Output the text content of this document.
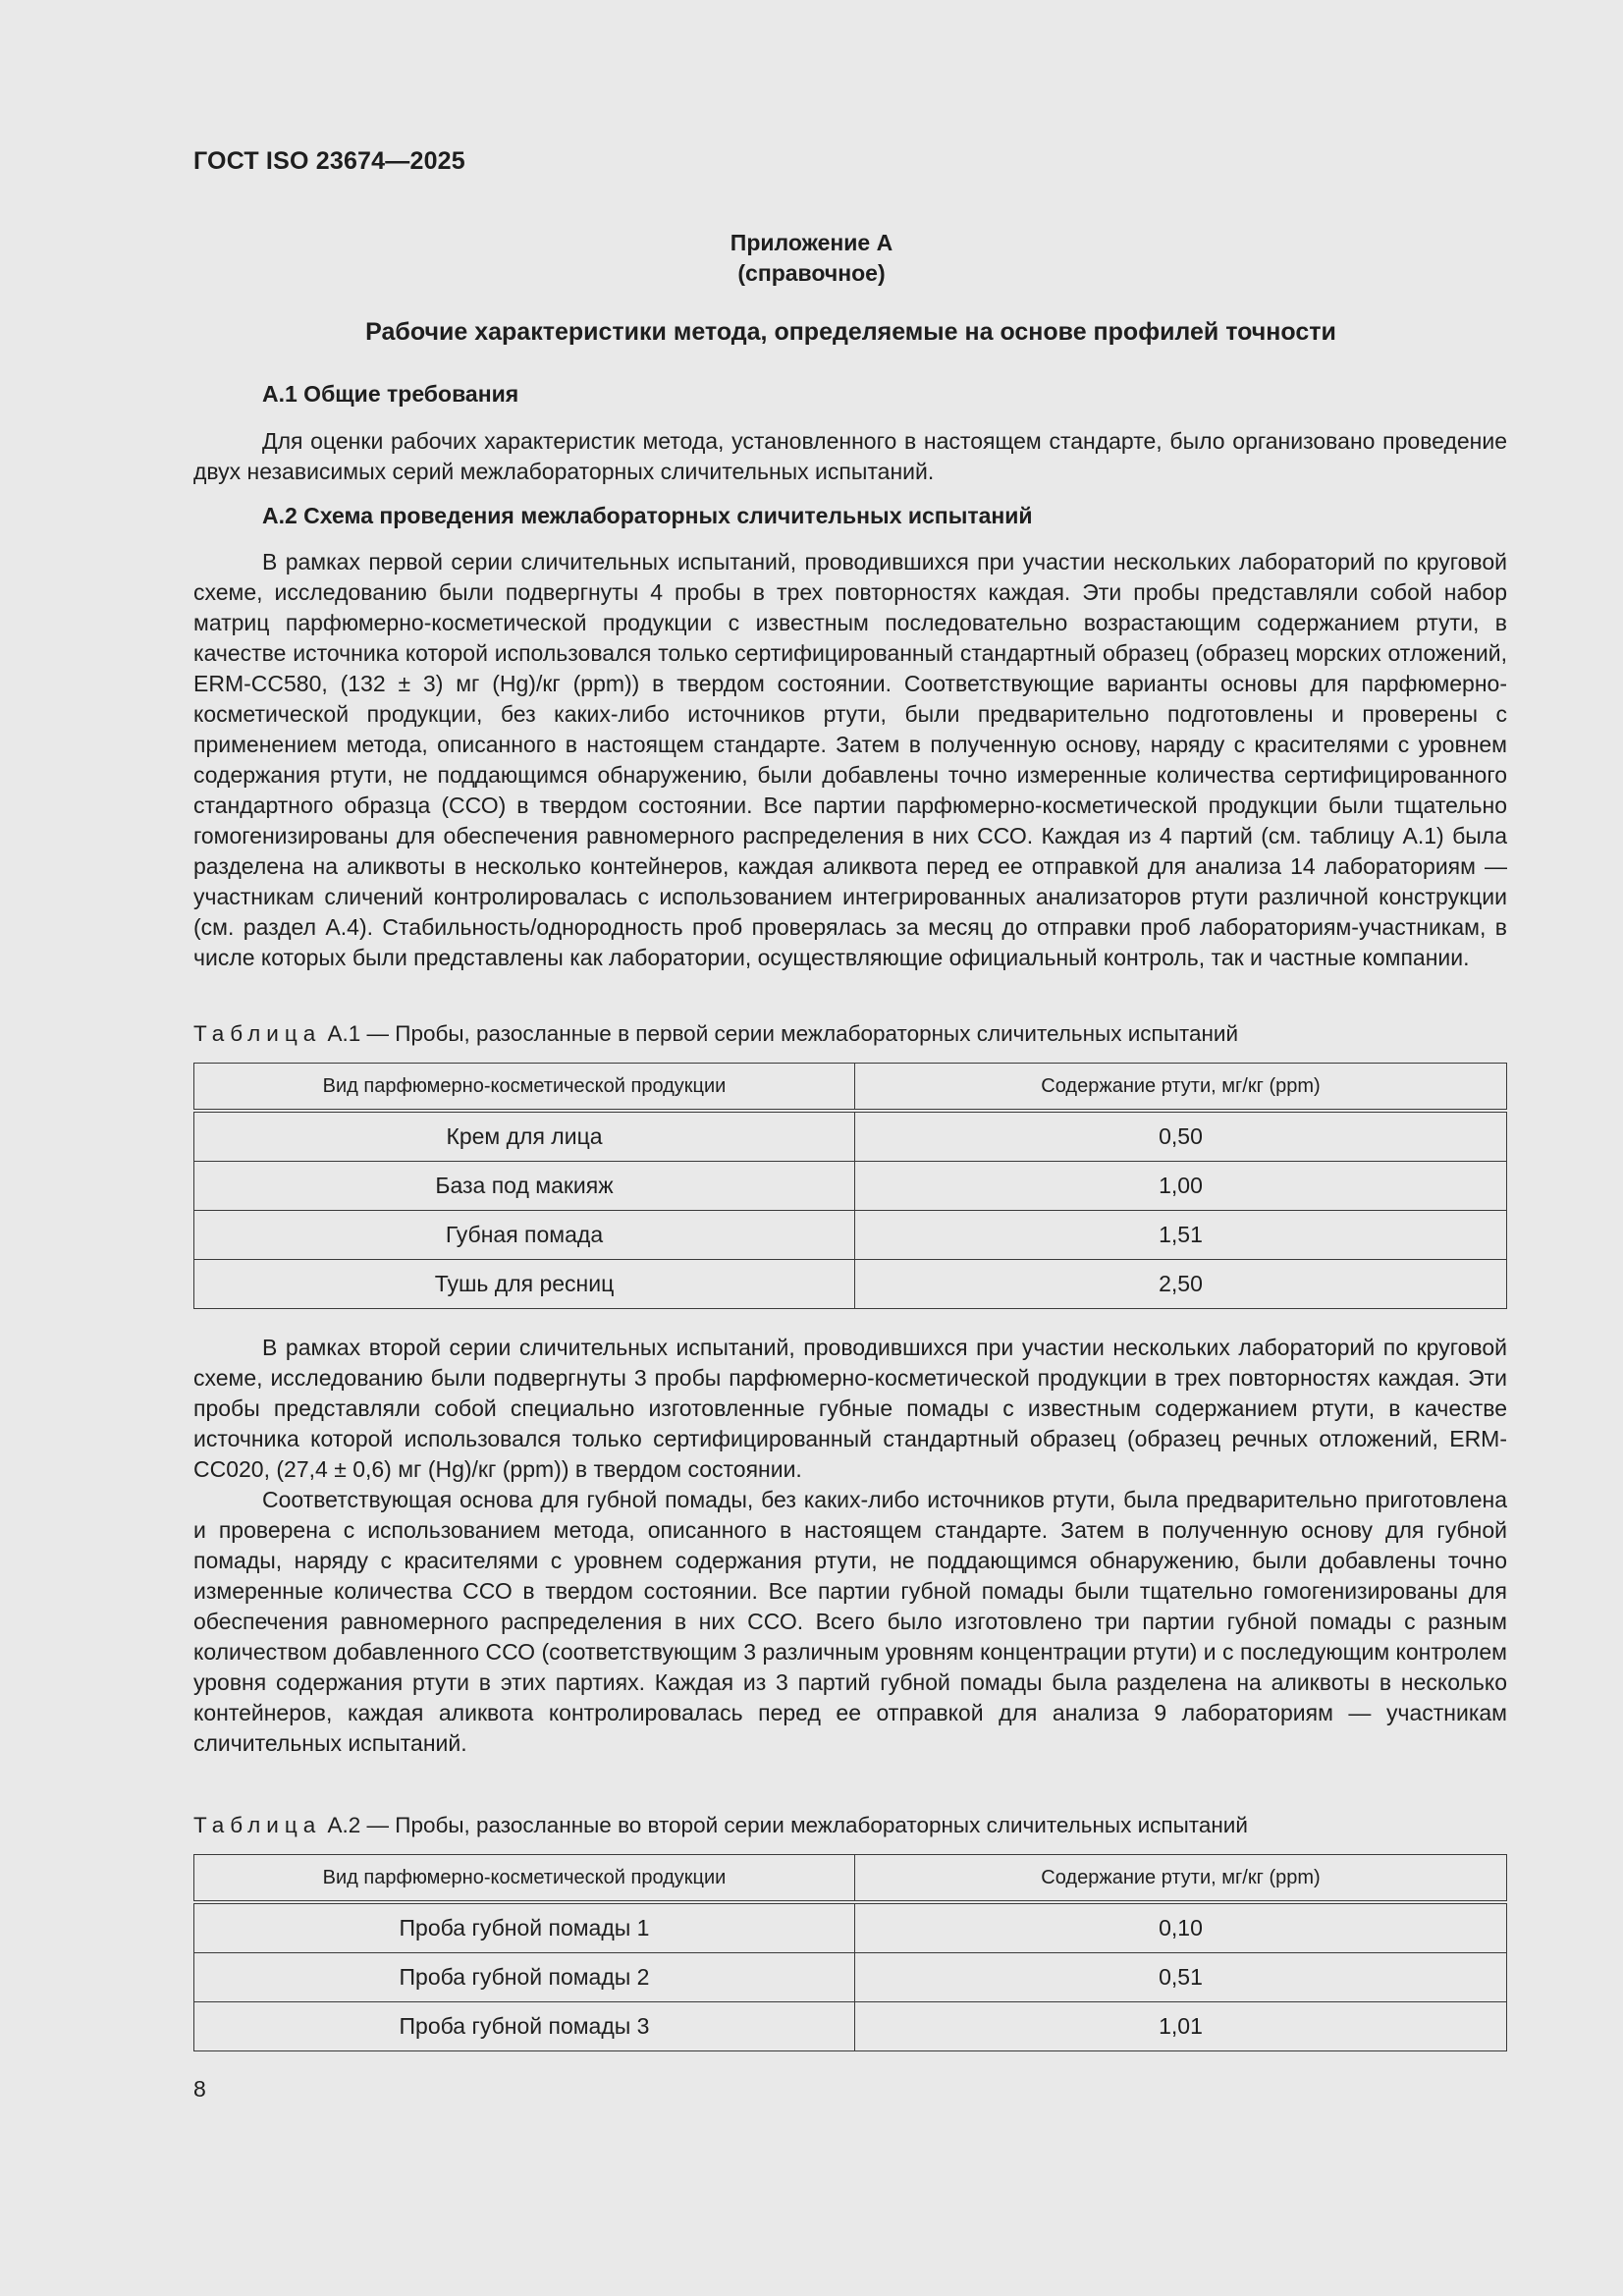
ГОСТ ISO 23674—2025
Приложение А
(справочное)
Рабочие характеристики метода, определяемые на основе профилей точности

А.1 Общие требования

Для оценки рабочих характеристик метода, установленного в настоящем стандарте, было организовано проведение двух независимых серий межлабораторных сличительных испытаний.

А.2 Схема проведения межлабораторных сличительных испытаний

В рамках первой серии сличительных испытаний, проводившихся при участии нескольких лабораторий по круговой схеме, исследованию были подвергнуты 4 пробы в трех повторностях каждая. Эти пробы представляли собой набор матриц парфюмерно-косметической продукции с известным последовательно возрастающим содержанием ртути, в качестве источника которой использовался только сертифицированный стандартный образец (образец морских отложений, ERM-CC580, (132 ± 3) мг (Hg)/кг (ppm)) в твердом состоянии. Соответствующие варианты основы для парфюмерно-косметической продукции, без каких-либо источников ртути, были предварительно подготовлены и проверены с применением метода, описанного в настоящем стандарте. Затем в полученную основу, наряду с красителями с уровнем содержания ртути, не поддающимся обнаружению, были добавлены точно измеренные количества сертифицированного стандартного образца (ССО) в твердом состоянии. Все партии парфюмерно-косметической продукции были тщательно гомогенизированы для обеспечения равномерного распределения в них ССО. Каждая из 4 партий (см. таблицу А.1) была разделена на аликвоты в несколько контейнеров, каждая аликвота перед ее отправкой для анализа 14 лабораториям — участникам сличений контролировалась с использованием интегрированных анализаторов ртути различной конструкции (см. раздел А.4). Стабильность/однородность проб проверялась за месяц до отправки проб лабораториям-участникам, в числе которых были представлены как лаборатории, осуществляющие официальный контроль, так и частные компании.

Таблица А.1 — Пробы, разосланные в первой серии межлабораторных сличительных испытаний

Вид парфюмерно-косметической продукции	Содержание ртути, мг/кг (ppm)
Крем для лица	0,50
База под макияж	1,00
Губная помада	1,51
Тушь для ресниц	2,50

В рамках второй серии сличительных испытаний, проводившихся при участии нескольких лабораторий по круговой схеме, исследованию были подвергнуты 3 пробы парфюмерно-косметической продукции в трех повторностях каждая. Эти пробы представляли собой специально изготовленные губные помады с известным содержанием ртути, в качестве источника которой использовался только сертифицированный стандартный образец (образец речных отложений, ERM-CC020, (27,4 ± 0,6) мг (Hg)/кг (ppm)) в твердом состоянии.

Соответствующая основа для губной помады, без каких-либо источников ртути, была предварительно приготовлена и проверена с использованием метода, описанного в настоящем стандарте. Затем в полученную основу для губной помады, наряду с красителями с уровнем содержания ртути, не поддающимся обнаружению, были добавлены точно измеренные количества ССО в твердом состоянии. Все партии губной помады были тщательно гомогенизированы для обеспечения равномерного распределения в них ССО. Всего было изготовлено три партии губной помады с разным количеством добавленного ССО (соответствующим 3 различным уровням концентрации ртути) и с последующим контролем уровня содержания ртути в этих партиях. Каждая из 3 партий губной помады была разделена на аликвоты в несколько контейнеров, каждая аликвота контролировалась перед ее отправкой для анализа 9 лабораториям — участникам сличительных испытаний.

Таблица А.2 — Пробы, разосланные во второй серии межлабораторных сличительных испытаний

Вид парфюмерно-косметической продукции	Содержание ртути, мг/кг (ppm)
Проба губной помады 1	0,10
Проба губной помады 2	0,51
Проба губной помады 3	1,01
8
